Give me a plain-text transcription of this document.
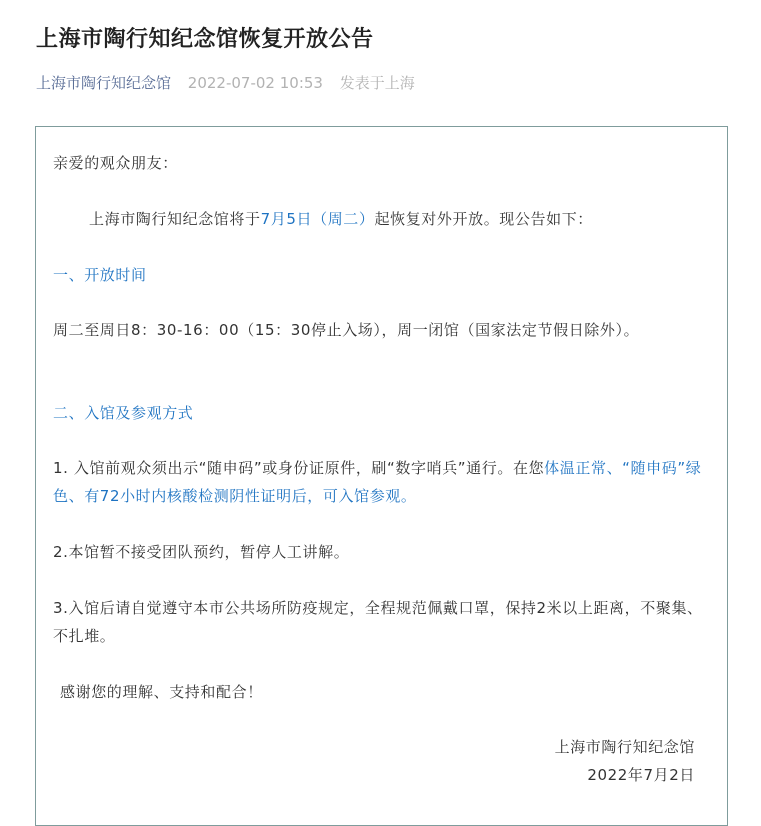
上海市陶行知纪念馆恢复开放公告
上海市陶行知纪念馆 2022-07-02 10:53 发表于上海

亲爱的观众朋友：

上海市陶行知纪念馆将于7月5日（周二）起恢复对外开放。现公告如下：

一、开放时间

周二至周日8：30-16：00（15：30停止入场），周一闭馆（国家法定节假日除外）。

二、入馆及参观方式

1. 入馆前观众须出示“随申码”或身份证原件，刷“数字哨兵”通行。在您体温正常、“随申码”绿色、有72小时内核酸检测阴性证明后，可入馆参观。

2.本馆暂不接受团队预约，暂停人工讲解。

3.入馆后请自觉遵守本市公共场所防疫规定，全程规范佩戴口罩，保持2米以上距离，不聚集、不扎堆。

感谢您的理解、支持和配合！

上海市陶行知纪念馆

2022年7月2日
